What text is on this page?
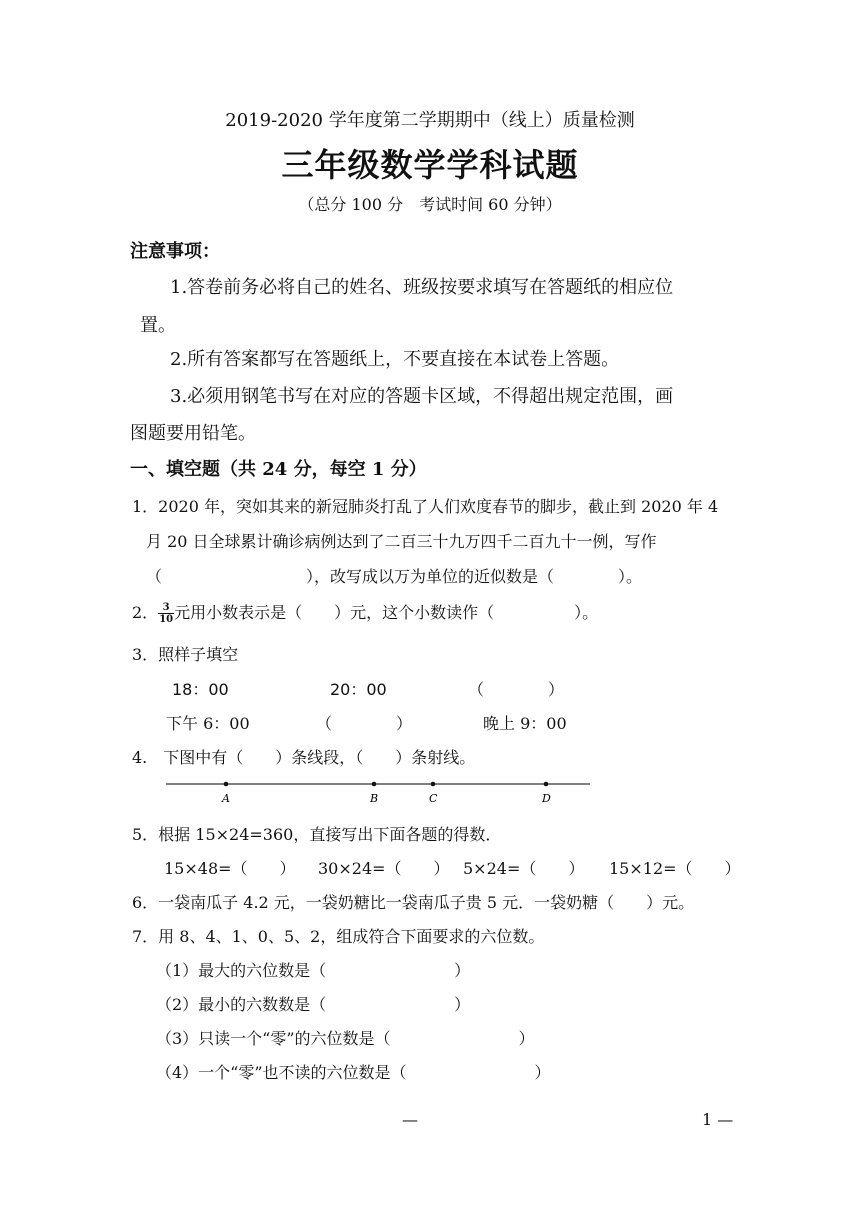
2019-2020 学年度第二学期期中（线上）质量检测
三年级数学学科试题
（总分 100 分　考试时间 60 分钟）
注意事项：
1.答卷前务必将自己的姓名、班级按要求填写在答题纸的相应位
置。
2.所有答案都写在答题纸上，不要直接在本试卷上答题。
3.必须用钢笔书写在对应的答题卡区域，不得超出规定范围，画
图题要用铅笔。
一、填空题（共 24 分，每空 1 分）
1．2020 年，突如其来的新冠肺炎打乱了人们欢度春节的脚步，截止到 2020 年 4
月 20 日全球累计确诊病例达到了二百三十九万四千二百九十一例，写作
（　　　　　　　　　），改写成以万为单位的近似数是（　　　　）。
2． $\frac{3}{10}$ 元用小数表示是（　　）元，这个小数读作（　　　　　）。
3．照样子填空
18：00	20：00	（　　　　）
下午 6：00	（　　　　）	晚上 9：00
4.　下图中有（　　）条线段，（　　）条射线。
A	B	C	D
5．根据 15×24=360，直接写出下面各题的得数．
15×48=（　　） 30×24=（　　） 5×24=（　　） 15×12=（　　）
6．一袋南瓜子 4.2 元，一袋奶糖比一袋南瓜子贵 5 元．一袋奶糖（　　）元。
7．用 8、4、1、0、5、2，组成符合下面要求的六位数。
（1）最大的六位数是（　　　　　　　　）
（2）最小的六数数是（　　　　　　　　）
（3）只读一个“零”的六位数是（　　　　　　　　）
（4）一个“零”也不读的六位数是（　　　　　　　　）
—	1 —
